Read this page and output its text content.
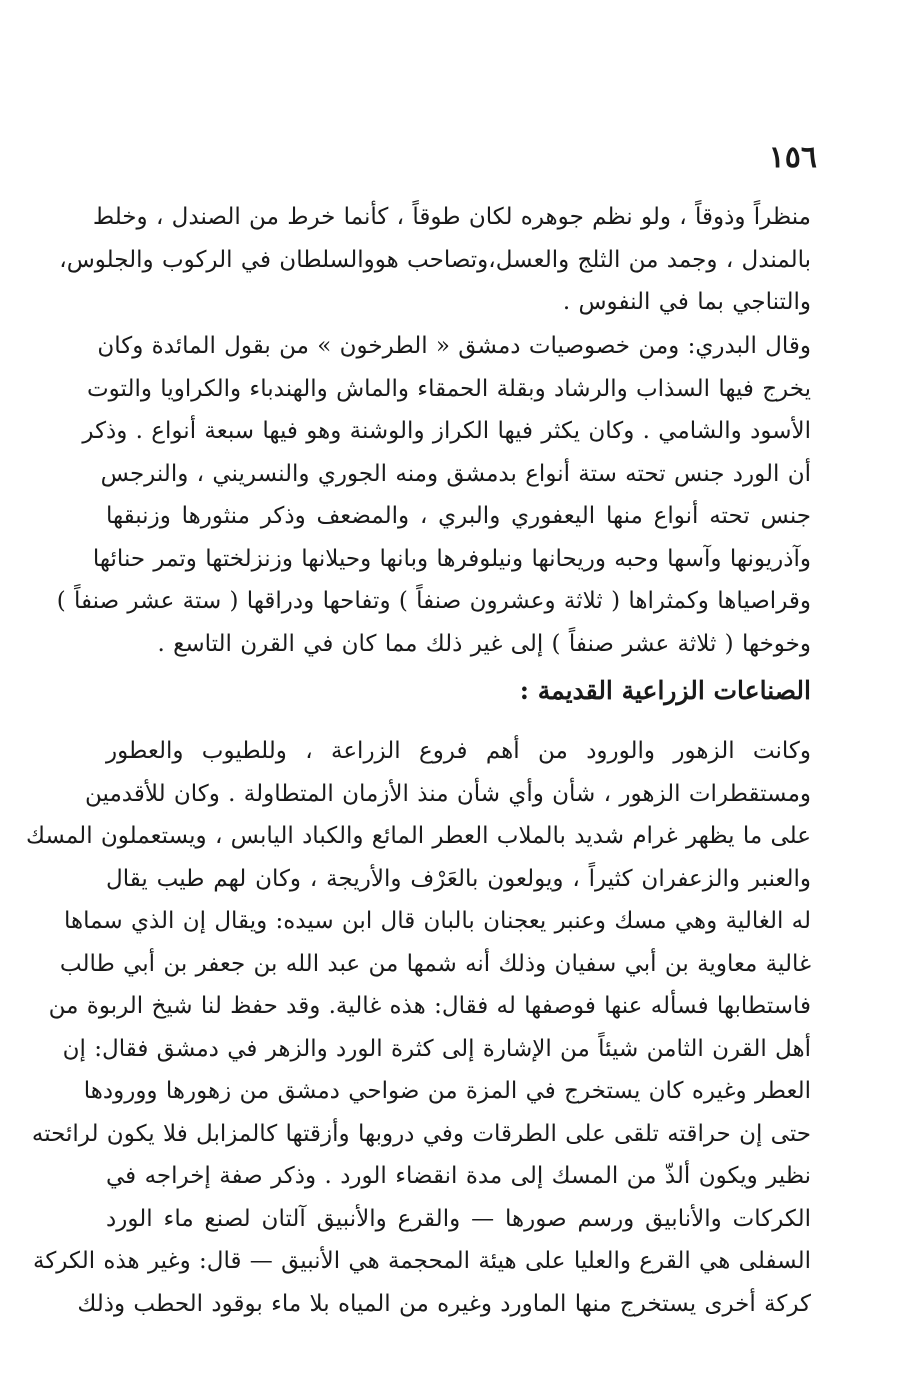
١٥٦
منظراً وذوقاً ، ولو نظم جوهره لكان طوقاً ، كأنما خرط من الصندل ، وخلط
بالمندل ، وجمد من الثلج والعسل،وتصاحب هووالسلطان في الركوب والجلوس،
والتناجي بما في النفوس .
وقال البدري: ومن خصوصيات دمشق « الطرخون » من بقول المائدة وكان
يخرج فيها السذاب والرشاد وبقلة الحمقاء والماش والهندباء والكراويا والتوت
الأسود والشامي . وكان يكثر فيها الكراز والوشنة وهو فيها سبعة أنواع . وذكر
أن الورد جنس تحته ستة أنواع بدمشق ومنه الجوري والنسريني ، والنرجس
جنس تحته أنواع منها اليعفوري والبري ، والمضعف وذكر منثورها وزنبقها
وآذريونها وآسها وحبه وريحانها ونيلوفرها وبانها وحيلانها وزنزلختها وتمر حنائها
وقراصياها وكمثراها ( ثلاثة وعشرون صنفاً ) وتفاحها ودراقها ( ستة عشر صنفاً )
وخوخها ( ثلاثة عشر صنفاً ) إلى غير ذلك مما كان في القرن التاسع .
الصناعات الزراعية القديمة :
وكانت الزهور والورود من أهم فروع الزراعة ، وللطيوب والعطور
ومستقطرات الزهور ، شأن وأي شأن منذ الأزمان المتطاولة . وكان للأقدمين
على ما يظهر غرام شديد بالملاب العطر المائع والكباد اليابس ، ويستعملون المسك
والعنبر والزعفران كثيراً ، ويولعون بالعَرْف والأريجة ، وكان لهم طيب يقال
له الغالية وهي مسك وعنبر يعجنان بالبان قال ابن سيده: ويقال إن الذي سماها
غالية معاوية بن أبي سفيان وذلك أنه شمها من عبد الله بن جعفر بن أبي طالب
فاستطابها فسأله عنها فوصفها له فقال: هذه غالية. وقد حفظ لنا شيخ الربوة من
أهل القرن الثامن شيئاً من الإشارة إلى كثرة الورد والزهر في دمشق فقال: إن
العطر وغيره كان يستخرج في المزة من ضواحي دمشق من زهورها وورودها
حتى إن حراقته تلقى على الطرقات وفي دروبها وأزقتها كالمزابل فلا يكون لرائحته
نظير ويكون ألذّ من المسك إلى مدة انقضاء الورد . وذكر صفة إخراجه في
الكركات والأنابيق ورسم صورها — والقرع والأنبيق آلتان لصنع ماء الورد
السفلى هي القرع والعليا على هيئة المحجمة هي الأنبيق — قال: وغير هذه الكركة
كركة أخرى يستخرج منها الماورد وغيره من المياه بلا ماء بوقود الحطب وذلك
